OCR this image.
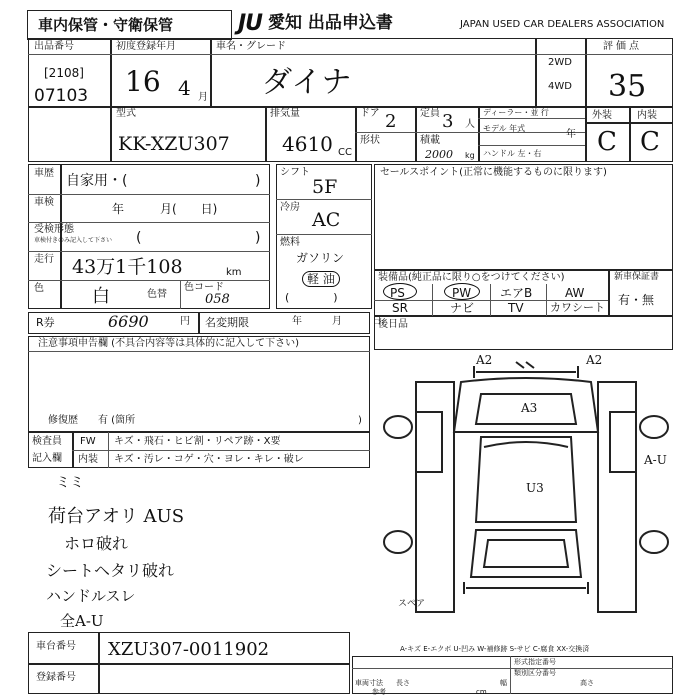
車内保管・守衛保管	JU 愛知 出品申込書	JAPAN USED CAR DEALERS ASSOCIATION
出品番号
[2108]
07103
初度登録年月
16 4 月
車名・グレード
ダイナ
2WD
4WD
評価点
35
型式
KK-XZU307
排気量
4610 CC
ドア 2 定員 3 人
ディーラー・並 行
モデル 年式
年
形状	積載
2000 kg ハンドル 左・右
外装	内装
C C
車歴 自家用・(	)
車検	年　　　月(　　日)
受検形態
車検付きのみ記入して下さい (	)
走行 43万1千108	km
色	白	色替
色コード
058
シフト
5F
冷房
AC
燃料
ガソリン
軽 油
(　　　　)
セールスポイント(正常に機能するものに限ります)
装備品(純正品に限り○をつけてください)
PS	PW エアB	AW
SR	ナビ	TV カワシート
新車保証書
有・無
R券	6690	円 名変期限	年　　　月　　　日
後日品
注意事項申告欄 (不具合内容等は具体的に記入して下さい)
修復歴　　有 (箇所	)
検査員
記入欄
FW キズ・飛石・ヒビ割・リペア跡・X要
内装 キズ・汚レ・コゲ・穴・ヨレ・キレ・破レ
ミミ
荷台アオリ AUS
ホロ破れ
シートヘタリ破れ
ハンドルスレ
全A-U
A2	A2
A3
U3
A-U
スペア
A-キズ E-エクボ U-凹み W-補修跡 S-サビ C-腐食 XX-交換済
車台番号 XZU307-0011902
登録番号
形式指定番号
類別区分番号
車両寸法 長さ	幅	高さ
参考	cm
